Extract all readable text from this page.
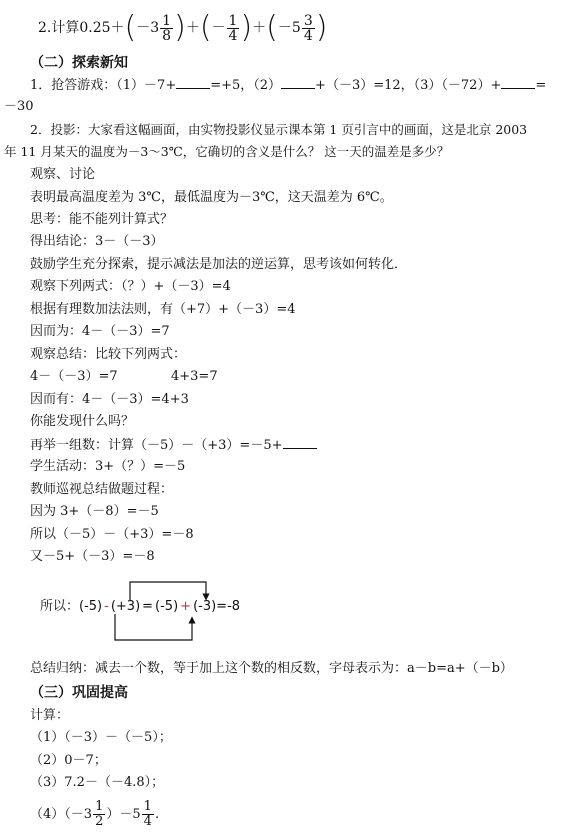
2.计算$0.25+(-3 \frac{1}{8}$ )＋(－ $\frac{1}{4} )+(-5 \frac{3}{4}$ )
（二）探索新知
1．抢答游戏：（1）－7+	=+5，（2）	+（－3）=12，（3）（－72）+	=
－30
2．投影：大家看这幅画面，由实物投影仪显示课本第 1 页引言中的画面，这是北京 2003
年 11 月某天的温度为－3～3℃，它确切的含义是什么？ 这一天的温差是多少？
观察、讨论
表明最高温度差为 3℃，最低温度为－3℃，这天温差为 6℃。
思考：能不能列计算式？
得出结论：3－（－3）
鼓励学生充分探索，提示减法是加法的逆运算，思考该如何转化．
观察下列两式：（？）+（－3）=4
根据有理数加法法则，有（+7）+（－3）=4
因而为：4－（－3）=7
观察总结：比较下列两式：
4－（－3）=7	4+3=7
因而有：4－（－3）=4+3
你能发现什么吗？
再举一组数：计算（－5）－（+3）=－5+
学生活动：3+（？）=－5
教师巡视总结做题过程：
因为 3+（－8）=－5
所以（－5）－（+3）=－8
又－5+（－3）=－8
所以：(-5) - (+3) = (-5) + (-3)=-8
总结归纳：减去一个数，等于加上这个数的相反数，字母表示为：a－b=a+（－b）
（三）巩固提高
计算：
（1）（－3）－（－5）；
（2）0－7；
（3）7.2－（－4.8）；
$(4)(-3 \frac{1}{2} )-5 \frac{1}{4}$ .
